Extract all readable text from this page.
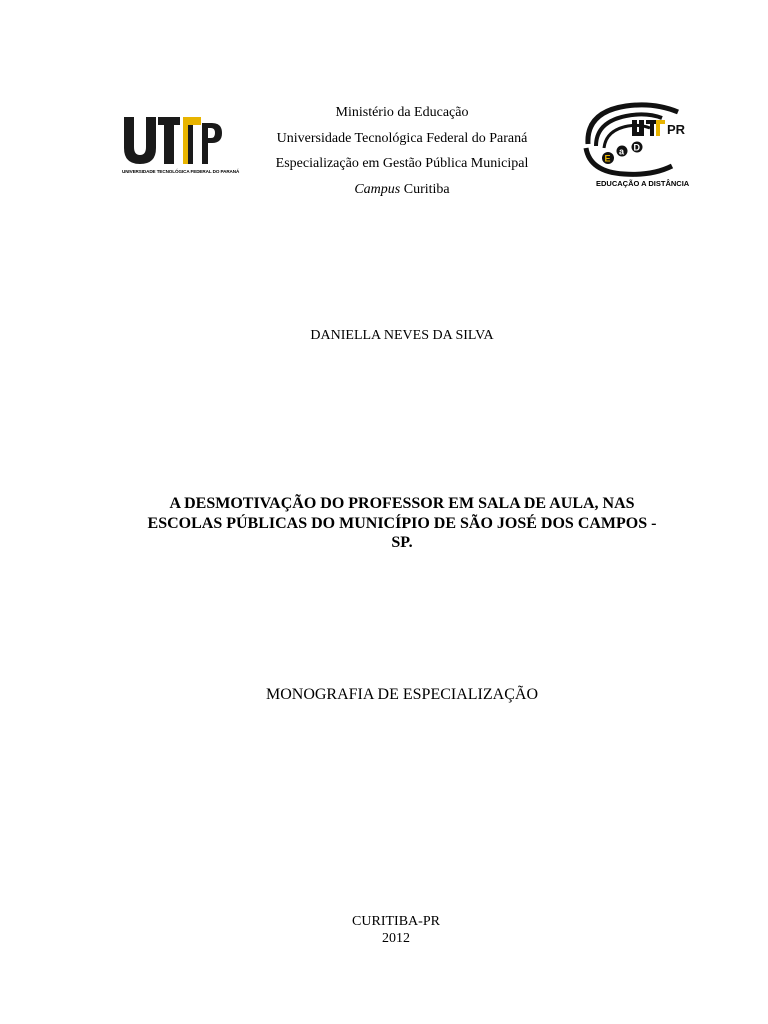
UNIVERSIDADE TECNOLÓGICA FEDERAL DO PARANÁ
Ministério da Educação
Universidade Tecnológica Federal do Paraná
Especialização em Gestão Pública Municipal
Campus Curitiba
PR
E
a D
EDUCAÇÃO A DISTÂNCIA
DANIELLA NEVES DA SILVA
A DESMOTIVAÇÃO DO PROFESSOR EM SALA DE AULA, NAS
ESCOLAS PÚBLICAS DO MUNICÍPIO DE SÃO JOSÉ DOS CAMPOS -
SP.
MONOGRAFIA DE ESPECIALIZAÇÃO
CURITIBA-PR
2012
